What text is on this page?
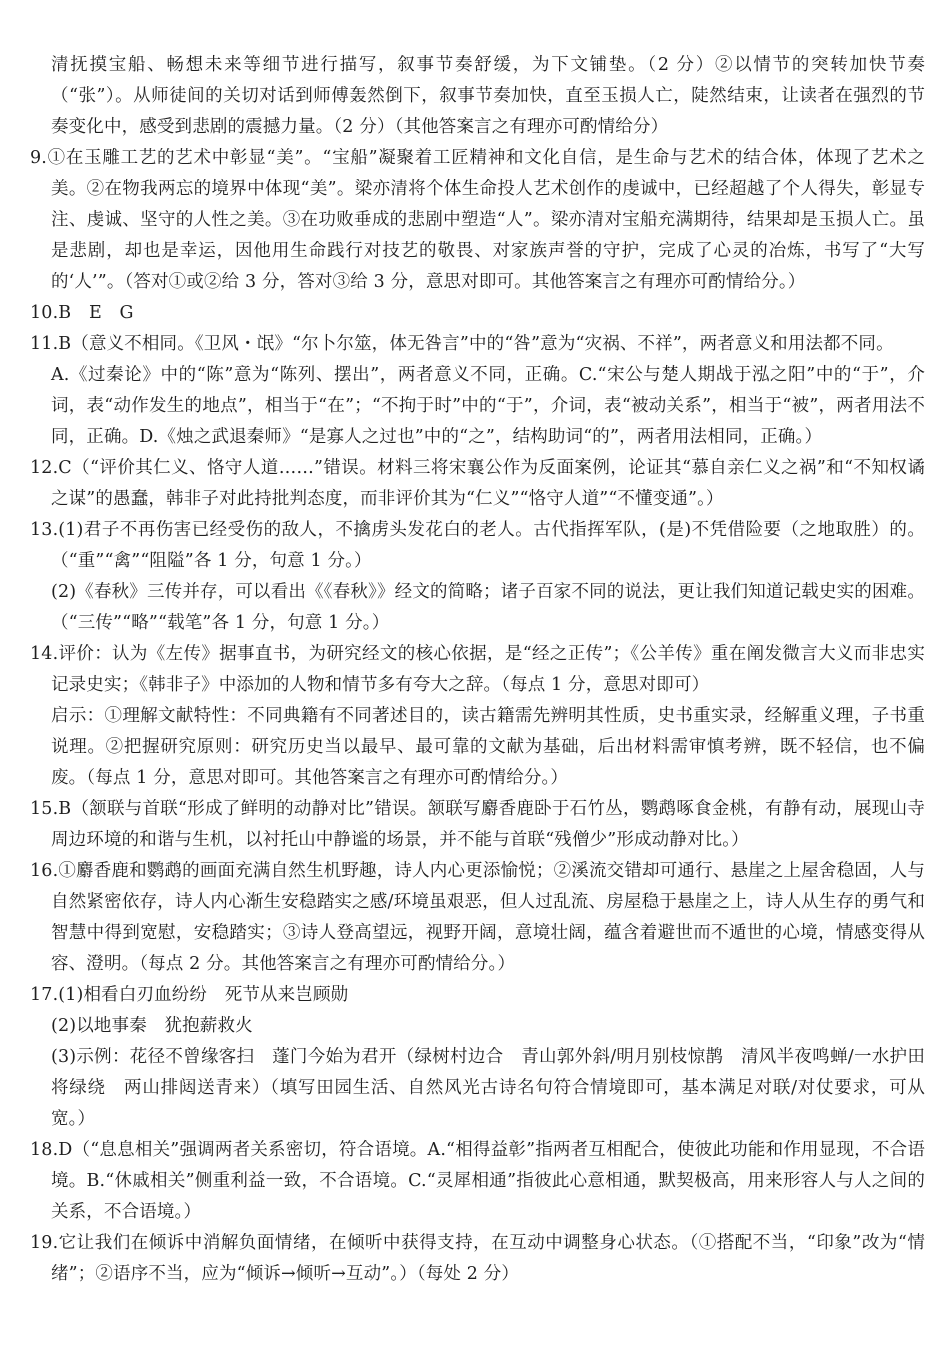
清抚摸宝船、畅想未来等细节进行描写，叙事节奏舒缓，为下文铺垫。（2 分）②以情节的突转加快节奏（“张”）。从师徒间的关切对话到师傅轰然倒下，叙事节奏加快，直至玉损人亡，陡然结束，让读者在强烈的节奏变化中，感受到悲剧的震撼力量。（2 分）（其他答案言之有理亦可酌情给分）

9.①在玉雕工艺的艺术中彰显“美”。“宝船”凝聚着工匠精神和文化自信，是生命与艺术的结合体，体现了艺术之美。②在物我两忘的境界中体现“美”。梁亦清将个体生命投人艺术创作的虔诚中，已经超越了个人得失，彰显专注、虔诚、坚守的人性之美。③在功败垂成的悲剧中塑造“人”。梁亦清对宝船充满期待，结果却是玉损人亡。虽是悲剧，却也是幸运，因他用生命践行对技艺的敬畏、对家族声誉的守护，完成了心灵的冶炼，书写了“大写的‘人’”。（答对①或②给 3 分，答对③给 3 分，意思对即可。其他答案言之有理亦可酌情给分。）

10.B　E　G

11.B（意义不相同。《卫风・氓》“尔卜尔筮，体无咎言”中的“咎”意为“灾祸、不祥”，两者意义和用法都不同。

A.《过秦论》中的“陈”意为“陈列、摆出”，两者意义不同，正确。C.“宋公与楚人期战于泓之阳”中的“于”，介词，表“动作发生的地点”，相当于“在”；“不拘于时”中的“于”，介词，表“被动关系”，相当于“被”，两者用法不同，正确。D.《烛之武退秦师》“是寡人之过也”中的“之”，结构助词“的”，两者用法相同，正确。）

12.C（“评价其仁义、恪守人道……”错误。材料三将宋襄公作为反面案例，论证其“慕自亲仁义之祸”和“不知权谲之谋”的愚蠢，韩非子对此持批判态度，而非评价其为“仁义”“恪守人道”“不懂变通”。）

13.(1)君子不再伤害已经受伤的敌人，不擒虏头发花白的老人。古代指挥军队，(是)不凭借险要（之地取胜）的。（“重”“禽”“阻隘”各 1 分，句意 1 分。）

(2)《春秋》三传并存，可以看出《《春秋》》经文的简略；诸子百家不同的说法，更让我们知道记载史实的困难。（“三传”“略”“载笔”各 1 分，句意 1 分。）

14.评价：认为《左传》据事直书，为研究经文的核心依据，是“经之正传”；《公羊传》重在阐发微言大义而非忠实记录史实；《韩非子》中添加的人物和情节多有夸大之辞。（每点 1 分，意思对即可）

启示：①理解文献特性：不同典籍有不同著述目的，读古籍需先辨明其性质，史书重实录，经解重义理，子书重说理。②把握研究原则：研究历史当以最早、最可靠的文献为基础，后出材料需审慎考辨，既不轻信，也不偏废。（每点 1 分，意思对即可。其他答案言之有理亦可酌情给分。）

15.B（颔联与首联“形成了鲜明的动静对比”错误。颔联写麝香鹿卧于石竹丛，鹦鹉啄食金桃，有静有动，展现山寺周边环境的和谐与生机，以衬托山中静谧的场景，并不能与首联“残僧少”形成动静对比。）

16.①麝香鹿和鹦鹉的画面充满自然生机野趣，诗人内心更添愉悦；②溪流交错却可通行、悬崖之上屋舍稳固，人与自然紧密依存，诗人内心渐生安稳踏实之感/环境虽艰恶，但人过乱流、房屋稳于悬崖之上，诗人从生存的勇气和智慧中得到宽慰，安稳踏实；③诗人登高望远，视野开阔，意境壮阔，蕴含着避世而不遁世的心境，情感变得从容、澄明。（每点 2 分。其他答案言之有理亦可酌情给分。）

17.(1)相看白刃血纷纷　死节从来岂顾勋

(2)以地事秦　犹抱薪救火

(3)示例：花径不曾缘客扫　蓬门今始为君开（绿树村边合　青山郭外斜/明月别枝惊鹊　清风半夜鸣蝉/一水护田将绿绕　两山排闼送青来）（填写田园生活、自然风光古诗名句符合情境即可，基本满足对联/对仗要求，可从宽。）

18.D（“息息相关”强调两者关系密切，符合语境。A.“相得益彰”指两者互相配合，使彼此功能和作用显现，不合语境。B.“休戚相关”侧重利益一致，不合语境。C.“灵犀相通”指彼此心意相通，默契极高，用来形容人与人之间的关系，不合语境。）

19.它让我们在倾诉中消解负面情绪，在倾听中获得支持，在互动中调整身心状态。（①搭配不当，“印象”改为“情绪”；②语序不当，应为“倾诉→倾听→互动”。）（每处 2 分）
